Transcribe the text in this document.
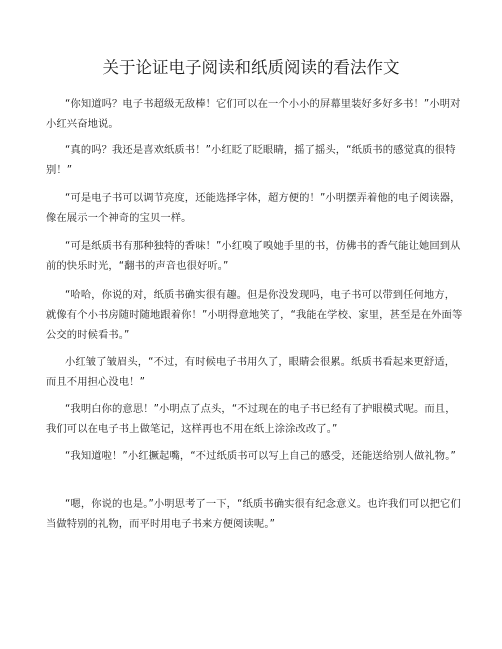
关于论证电子阅读和纸质阅读的看法作文

“你知道吗？电子书超级无敌棒！它们可以在一个小小的屏幕里装好多好多书！”小明对小红兴奋地说。

“真的吗？我还是喜欢纸质书！”小红眨了眨眼睛，摇了摇头，“纸质书的感觉真的很特别！”

“可是电子书可以调节亮度，还能选择字体，超方便的！”小明摆弄着他的电子阅读器，像在展示一个神奇的宝贝一样。

“可是纸质书有那种独特的香味！”小红嗅了嗅她手里的书，仿佛书的香气能让她回到从前的快乐时光，“翻书的声音也很好听。”

“哈哈，你说的对，纸质书确实很有趣。但是你没发现吗，电子书可以带到任何地方，就像有个小书房随时随地跟着你！”小明得意地笑了，“我能在学校、家里，甚至是在外面等公交的时候看书。”

小红皱了皱眉头，“不过，有时候电子书用久了，眼睛会很累。纸质书看起来更舒适，而且不用担心没电！”

“我明白你的意思！”小明点了点头，“不过现在的电子书已经有了护眼模式呢。而且，我们可以在电子书上做笔记，这样再也不用在纸上涂涂改改了。”

“我知道啦！”小红撅起嘴，“不过纸质书可以写上自己的感受，还能送给别人做礼物。”

“嗯，你说的也是。”小明思考了一下，“纸质书确实很有纪念意义。也许我们可以把它们当做特别的礼物，而平时用电子书来方便阅读呢。”
